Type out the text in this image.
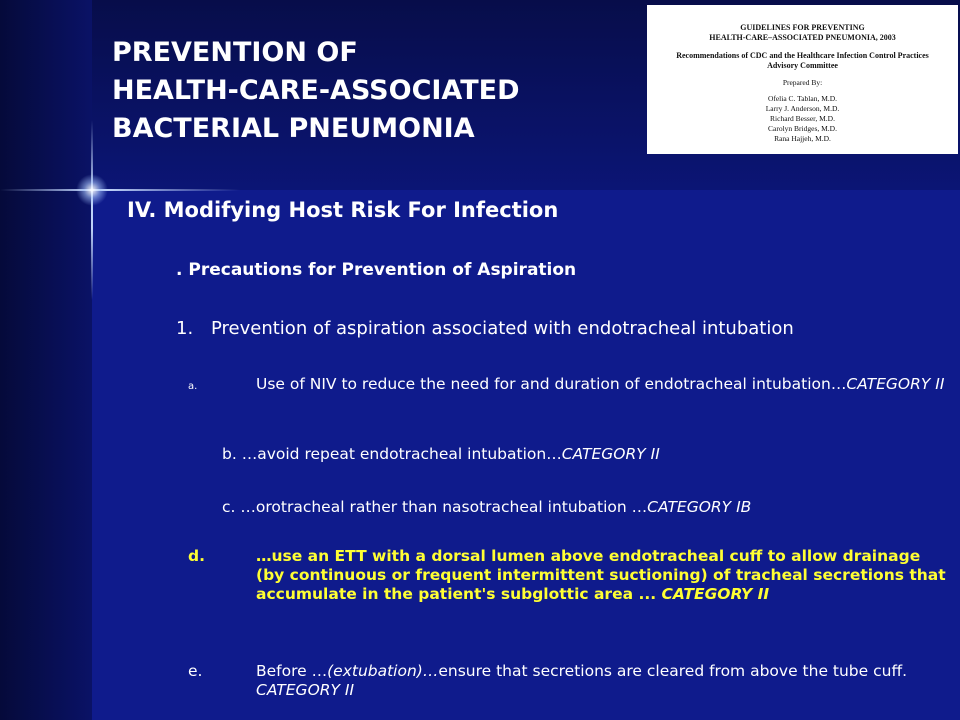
PREVENTION OF
HEALTH-CARE-ASSOCIATED
BACTERIAL PNEUMONIA
GUIDELINES FOR PREVENTING
HEALTH-CARE–ASSOCIATED PNEUMONIA, 2003
Recommendations of CDC and the Healthcare Infection Control Practices
Advisory Committee
Prepared By:
Ofelia C. Tablan, M.D.
Larry J. Anderson, M.D.
Richard Besser, M.D.
Carolyn Bridges, M.D.
Rana Hajjeh, M.D.
IV. Modifying Host Risk For Infection
. Precautions for Prevention of Aspiration

1. Prevention of aspiration associated with endotracheal intubation

a.	Use of NIV to reduce the need for and duration of endotracheal intubation…CATEGORY II
b. …avoid repeat endotracheal intubation…CATEGORY II
c. …orotracheal rather than nasotracheal intubation …CATEGORY IB
d.	…use an ETT with a dorsal lumen above endotracheal cuff to allow drainage (by continuous or frequent intermittent suctioning) of tracheal secretions that accumulate in the patient's subglottic area ... CATEGORY II
e.	Before …(extubation)…ensure that secretions are cleared from above the tube cuff. CATEGORY II
